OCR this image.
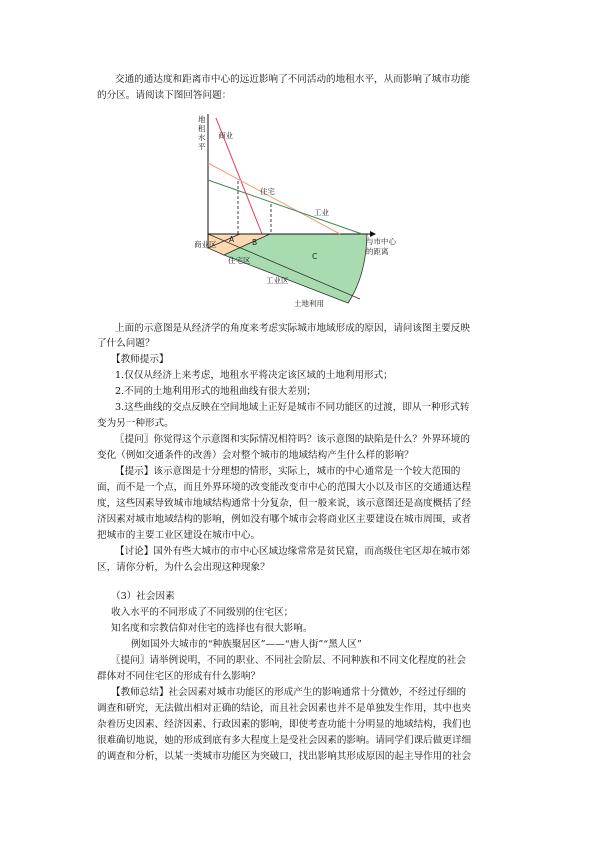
交通的通达度和距离市中心的远近影响了不同活动的地租水平，从而影响了城市功能
的分区。请阅读下图回答问题：
地
租
水
平
商业
住宅
工业
与市中心
的距离
A B
C
商业区
住宅区
工业区
土地利用
上面的示意图是从经济学的角度来考虑实际城市地域形成的原因，请问该图主要反映
了什么问题？
【教师提示】
1.仅仅从经济上来考虑，地租水平将决定该区域的土地利用形式；
2.不同的土地利用形式的地租曲线有很大差别；
3.这些曲线的交点反映在空间地域上正好是城市不同功能区的过渡，即从一种形式转
变为另一种形式。
〖提问〗你觉得这个示意图和实际情况相符吗？该示意图的缺陷是什么？外界环境的
变化（例如交通条件的改善）会对整个城市的地域结构产生什么样的影响？
【提示】该示意图是十分理想的情形，实际上，城市的中心通常是一个较大范围的
面，而不是一个点，而且外界环境的改变能改变市中心的范围大小以及市区的交通通达程
度，这些因素导致城市地域结构通常十分复杂，但一般来说，该示意图还是高度概括了经
济因素对城市地域结构的影响，例如没有哪个城市会将商业区主要建设在城市周围，或者
把城市的主要工业区建设在城市中心。
【讨论】国外有些大城市的市中心区域边缘常常是贫民窟，而高级住宅区却在城市郊
区，请你分析，为什么会出现这种现象？
（3）社会因素
收入水平的不同形成了不同级别的住宅区；
知名度和宗教信仰对住宅的选择也有很大影响。
例如国外大城市的“种族聚居区”——“唐人街”“黑人区”
〖提问〗请举例说明，不同的职业、不同社会阶层、不同种族和不同文化程度的社会
群体对不同住宅区的形成有什么影响？
【教师总结】社会因素对城市功能区的形成产生的影响通常十分微妙，不经过仔细的
调查和研究，无法做出相对正确的结论，而且社会因素也并不是单独发生作用，其中也夹
杂着历史因素、经济因素、行政因素的影响，即使考查功能十分明显的地域结构，我们也
很难确切地说，她的形成到底有多大程度上是受社会因素的影响。请同学们课后做更详细
的调查和分析，以某一类城市功能区为突破口，找出影响其形成原因的起主导作用的社会
